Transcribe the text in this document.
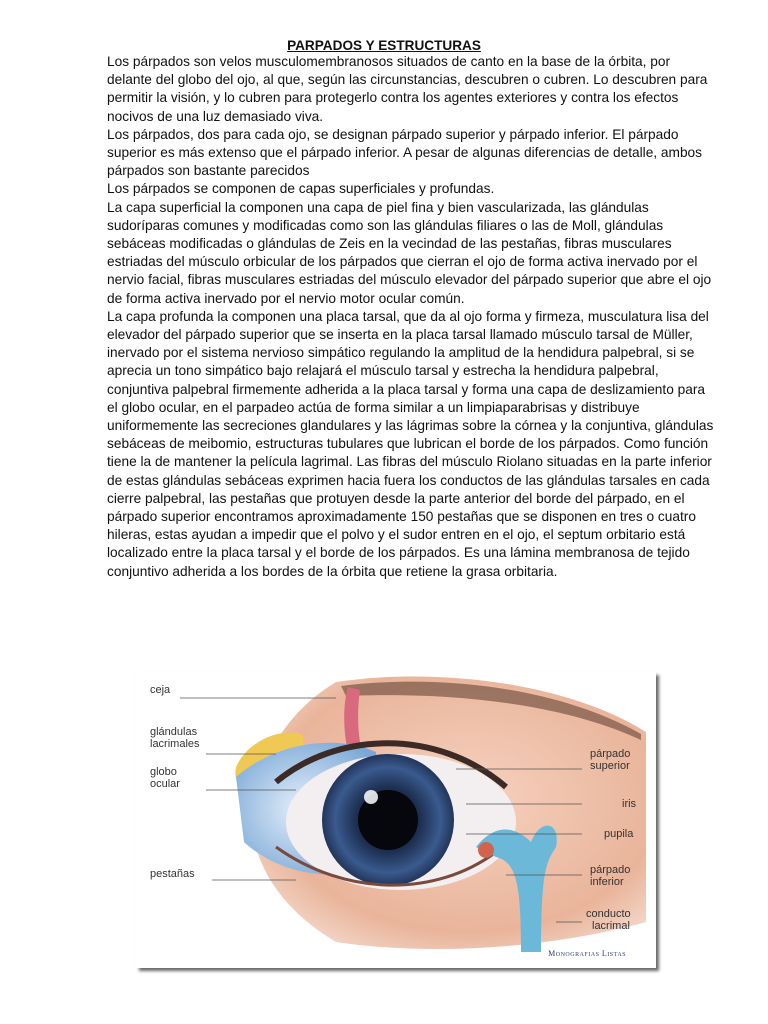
PARPADOS Y ESTRUCTURAS

Los párpados son velos musculomembranosos situados de canto en la base de la órbita, por delante del globo del ojo, al que, según las circunstancias, descubren o cubren. Lo descubren para permitir la visión, y lo cubren para protegerlo contra los agentes exteriores y contra los efectos nocivos de una luz demasiado viva.

Los párpados, dos para cada ojo, se designan párpado superior y párpado inferior. El párpado superior es más extenso que el párpado inferior. A pesar de algunas diferencias de detalle, ambos párpados son bastante parecidos

Los párpados se componen de capas superficiales y profundas.

La capa superficial la componen una capa de piel fina y bien vascularizada, las glándulas sudoríparas comunes y modificadas como son las glándulas filiares o las de Moll, glándulas sebáceas modificadas o glándulas de Zeis en la vecindad de las pestañas, fibras musculares estriadas del músculo orbicular de los párpados que cierran el ojo de forma activa inervado por el nervio facial, fibras musculares estriadas del músculo elevador del párpado superior que abre el ojo de forma activa inervado por el nervio motor ocular común.

La capa profunda la componen una placa tarsal, que da al ojo forma y firmeza, musculatura lisa del elevador del párpado superior que se inserta en la placa tarsal llamado músculo tarsal de Müller, inervado por el sistema nervioso simpático regulando la amplitud de la hendidura palpebral, si se aprecia un tono simpático bajo relajará el músculo tarsal y estrecha la hendidura palpebral, conjuntiva palpebral firmemente adherida a la placa tarsal y forma una capa de deslizamiento para el globo ocular, en el parpadeo actúa de forma similar a un limpiaparabrisas y distribuye uniformemente las secreciones glandulares y las lágrimas sobre la córnea y la conjuntiva, glándulas sebáceas de meibomio, estructuras tubulares que lubrican el borde de los párpados. Como función tiene la de mantener la película lagrimal. Las fibras del músculo Riolano situadas en la parte inferior de estas glándulas sebáceas exprimen hacia fuera los conductos de las glándulas tarsales en cada cierre palpebral, las pestañas que protuyen desde la parte anterior del borde del párpado, en el párpado superior encontramos aproximadamente 150 pestañas que se disponen en tres o cuatro hileras, estas ayudan a impedir que el polvo y el sudor entren en el ojo, el septum orbitario está localizado entre la placa tarsal y el borde de los párpados. Es una lámina membranosa de tejido conjuntivo adherida a los bordes de la órbita que retiene la grasa orbitaria.

ceja
glándulas
lacrimales
globo
ocular
pestañas
párpado
superior
iris
pupila
párpado
inferior
conducto
lacrimal
Monografias Listas
